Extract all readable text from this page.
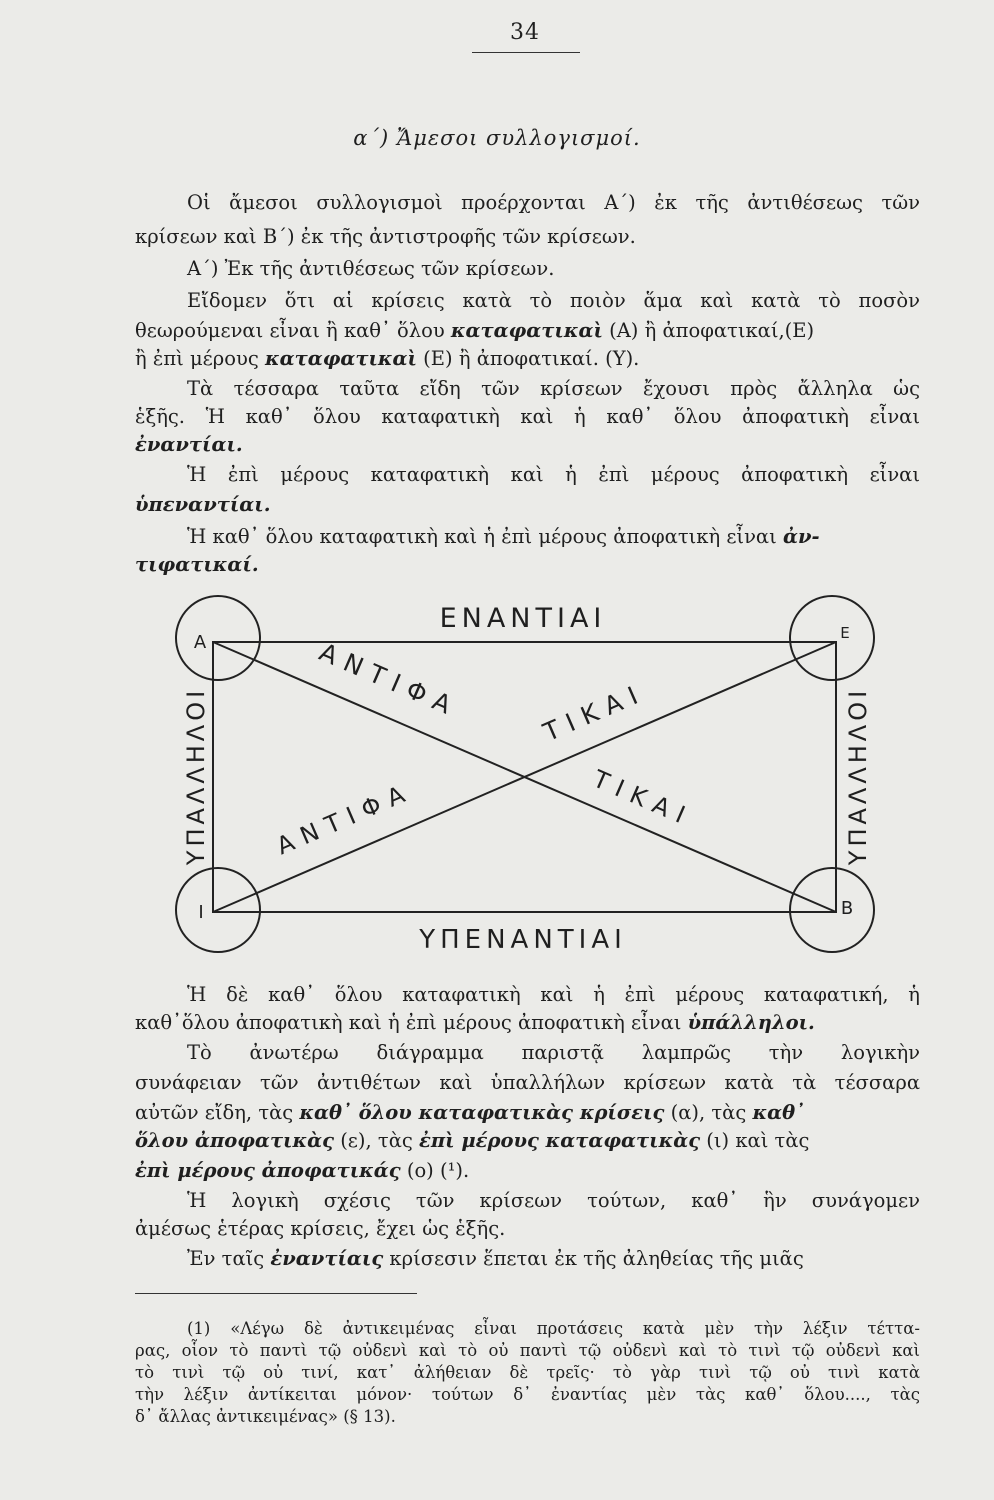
34
α΄) Ἄμεσοι συλλογισμοί.
Οἱ ἄμεσοι συλλογισμοὶ προέρχονται Α΄) ἐκ τῆς ἀντιθέσεως τῶν
κρίσεων καὶ Β΄) ἐκ τῆς ἀντιστροφῆς τῶν κρίσεων.
Α΄) Ἐκ τῆς ἀντιθέσεως τῶν κρίσεων.
Εἴδομεν ὅτι αἱ κρίσεις κατὰ τὸ ποιὸν ἅμα καὶ κατὰ τὸ ποσὸν
θεωρούμεναι εἶναι ἢ καθ᾽ ὅλου καταφατικαὶ (Α) ἢ ἀποφατικαί,(Ε)
ἢ ἐπὶ μέρους καταφατικαὶ (Ε) ἢ ἀποφατικαί. (Υ).
Τὰ τέσσαρα ταῦτα εἴδη τῶν κρίσεων ἔχουσι πρὸς ἄλληλα ὡς
ἑξῆς. Ἡ καθ᾽ ὅλου καταφατικὴ καὶ ἡ καθ᾽ ὅλου ἀποφατικὴ εἶναι
ἐναντίαι.
Ἡ ἐπὶ μέρους καταφατικὴ καὶ ἡ ἐπὶ μέρους ἀποφατικὴ εἶναι
ὑπεναντίαι.
Ἡ καθ᾽ ὅλου καταφατικὴ καὶ ἡ ἐπὶ μέρους ἀποφατικὴ εἶναι ἀν-
τιφατικαί.
ΕΝΑΝΤΙΑΙ
ΥΠΕΝΑΝΤΙΑΙ
ΥΠΑΛΛΗΛΟΙ	ΥΠΑΛΛΗΛΟΙ
Α	Ε
Ι	Β
ΑΝΤΙΦΑ	ΤΙΚΑΙ
ΑΝΤΙΦΑ	ΤΙΚΑΙ
Ἡ δὲ καθ᾽ ὅλου καταφατικὴ καὶ ἡ ἐπὶ μέρους καταφατική, ἡ
καθ᾽ὅλου ἀποφατικὴ καὶ ἡ ἐπὶ μέρους ἀποφατικὴ εἶναι ὑπάλληλοι.
Τὸ ἀνωτέρω διάγραμμα παριστᾷ λαμπρῶς τὴν λογικὴν
συνάφειαν τῶν ἀντιθέτων καὶ ὑπαλλήλων κρίσεων κατὰ τὰ τέσσαρα
αὐτῶν εἴδη, τὰς καθ᾽ ὅλου καταφατικὰς κρίσεις (α), τὰς καθ᾽
ὅλου ἀποφατικὰς (ε), τὰς ἐπὶ μέρους καταφατικὰς (ι) καὶ τὰς
ἐπὶ μέρους ἀποφατικάς (ο) (¹).
Ἡ λογικὴ σχέσις τῶν κρίσεων τούτων, καθ᾽ ἣν συνάγομεν
ἀμέσως ἑτέρας κρίσεις, ἔχει ὡς ἑξῆς.
Ἐν ταῖς ἐναντίαις κρίσεσιν ἕπεται ἐκ τῆς ἀληθείας τῆς μιᾶς
(1) «Λέγω δὲ ἀντικειμένας εἶναι προτάσεις κατὰ μὲν τὴν λέξιν τέττα-
ρας, οἷον τὸ παντὶ τῷ οὐδενὶ καὶ τὸ οὐ παντὶ τῷ οὐδενὶ καὶ τὸ τινὶ τῷ οὐδενὶ καὶ
τὸ τινὶ τῷ οὐ τινί, κατ᾽ ἀλήθειαν δὲ τρεῖς· τὸ γὰρ τινὶ τῷ οὐ τινὶ κατὰ
τὴν λέξιν ἀντίκειται μόνον· τούτων δ᾽ ἐναντίας μὲν τὰς καθ᾽ ὅλου...., τὰς
δ᾽ ἄλλας ἀντικειμένας» (§ 13).
